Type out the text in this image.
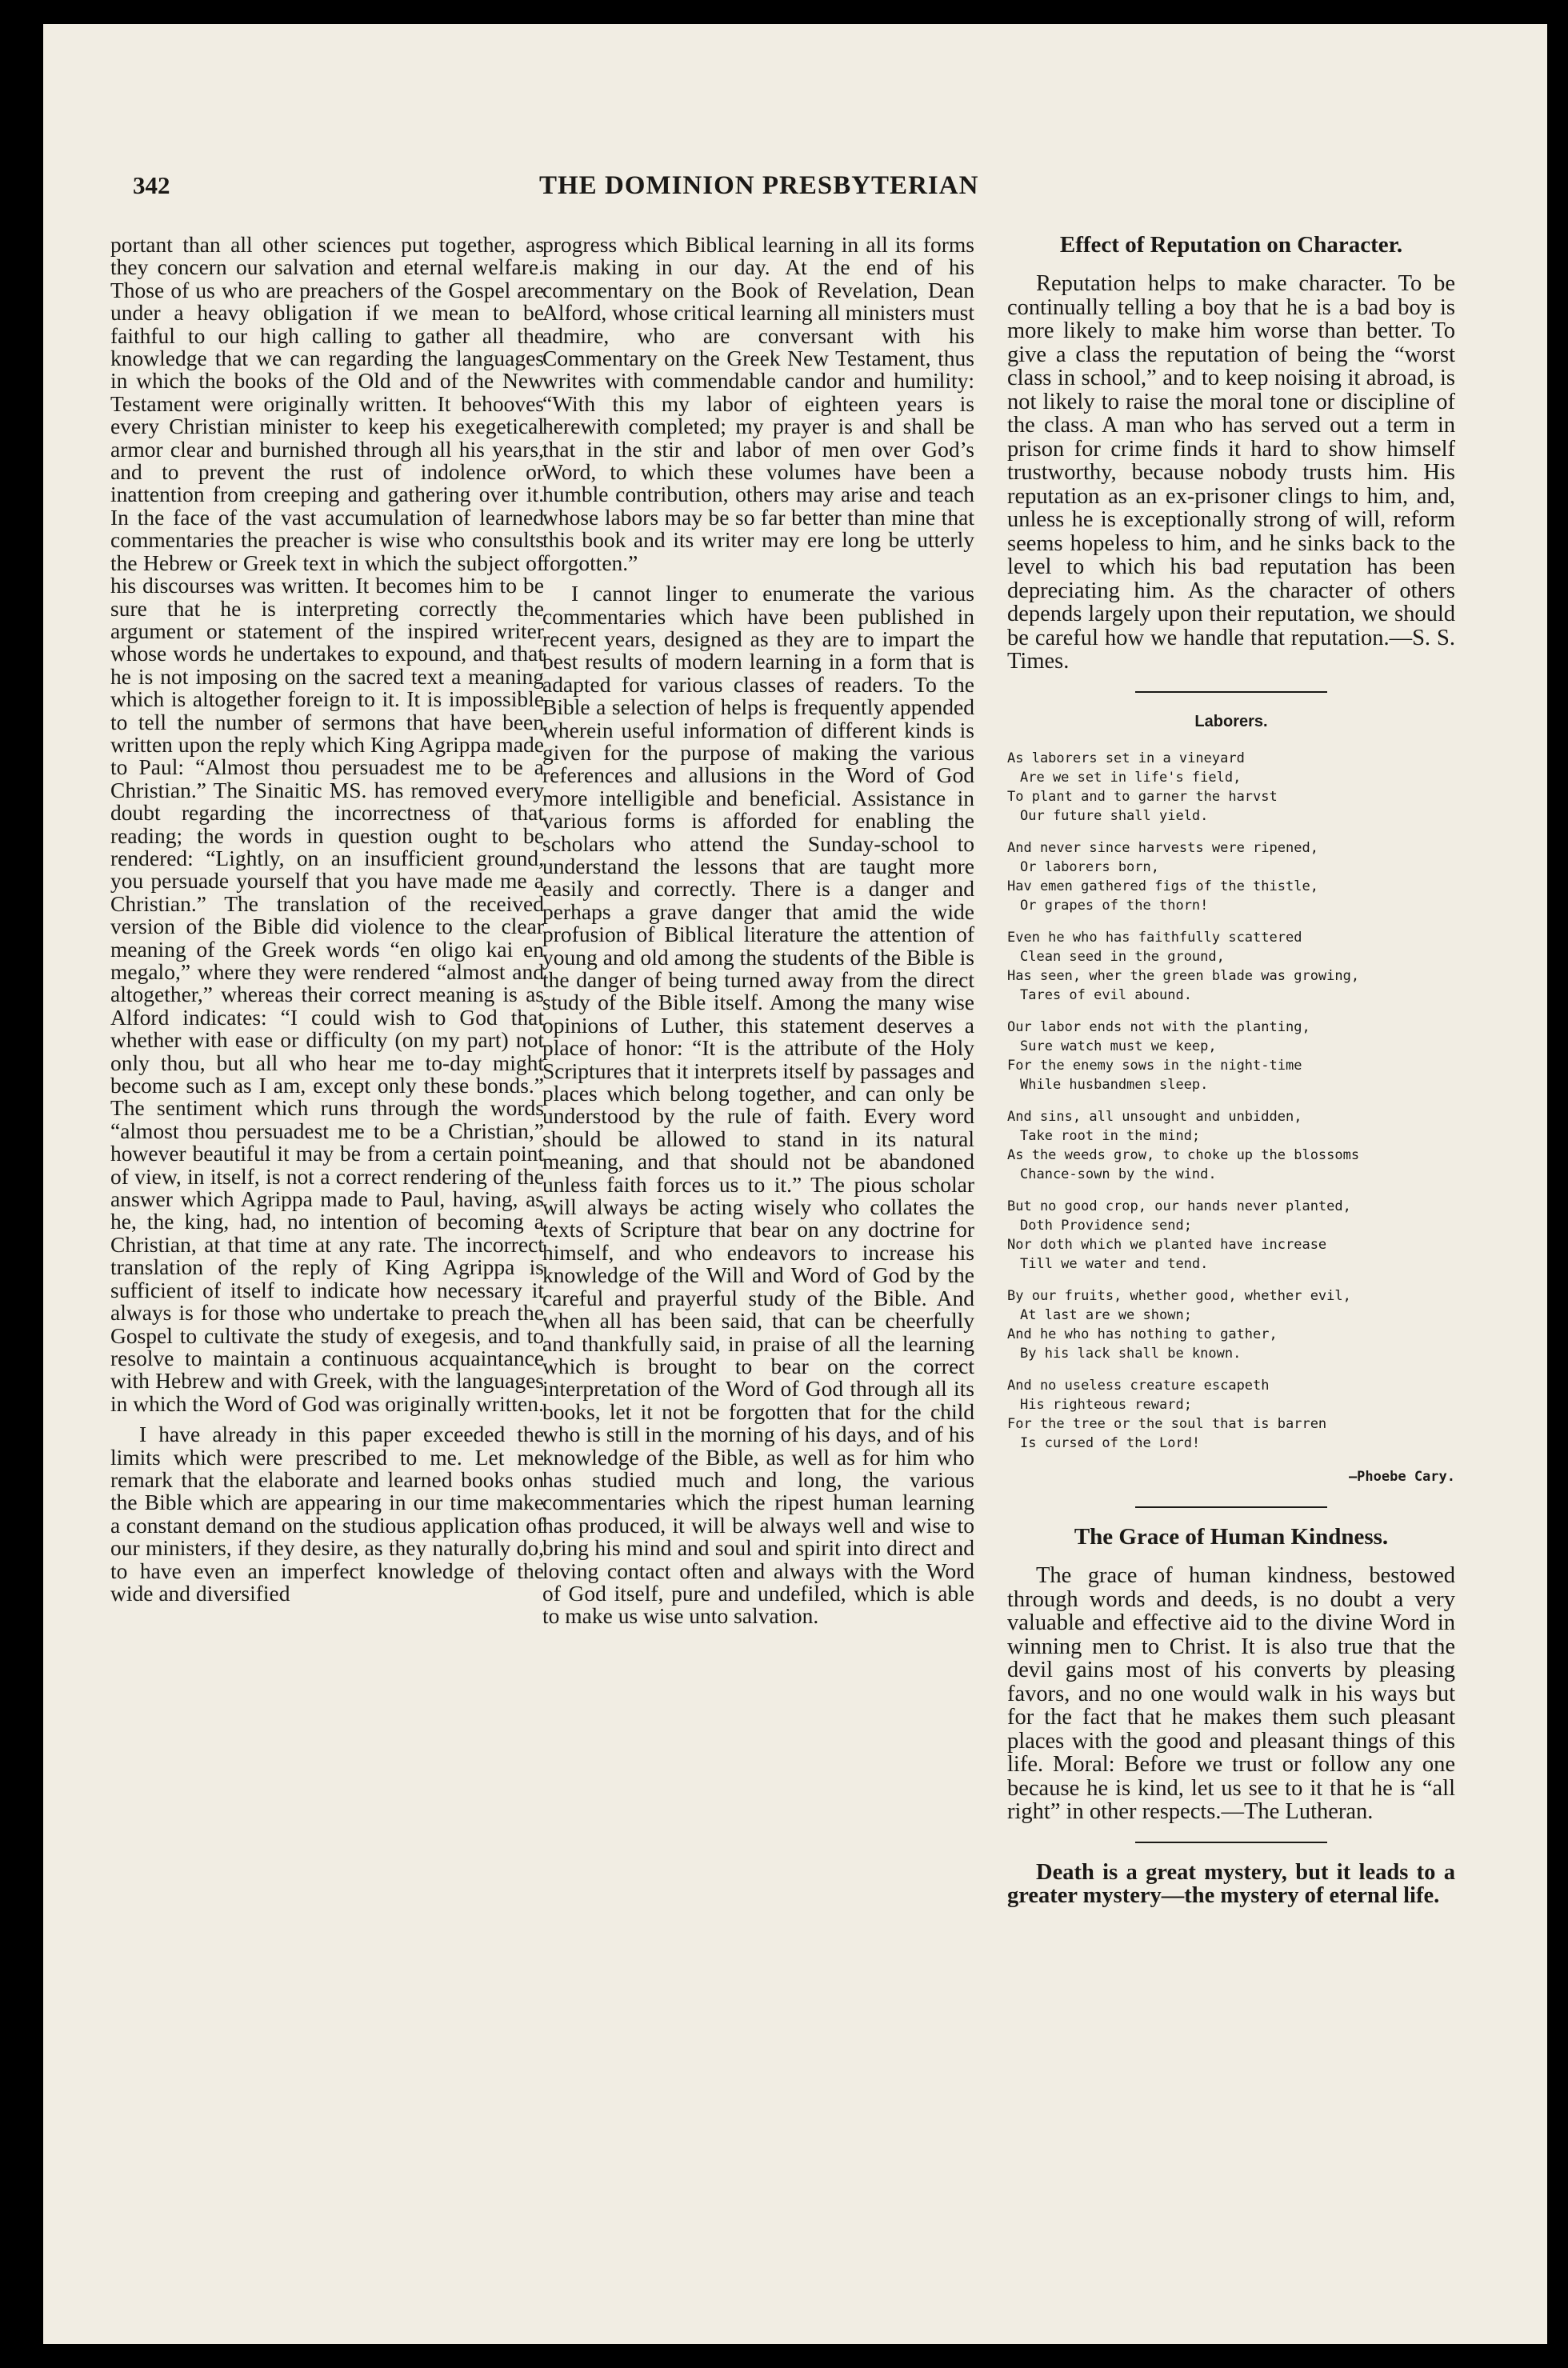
342	THE DOMINION PRESBYTERIAN

portant than all other sciences put together, as they concern our salvation and eternal welfare. Those of us who are preachers of the Gospel are under a heavy obligation if we mean to be faithful to our high calling to gather all the knowledge that we can regarding the languages in which the books of the Old and of the New Testament were originally written. It behooves every Christian minister to keep his exegetical armor clear and burnished through all his years, and to prevent the rust of indolence or inattention from creeping and gathering over it. In the face of the vast accumulation of learned commentaries the preacher is wise who consults the Hebrew or Greek text in which the subject of his discourses was written. It becomes him to be sure that he is interpreting correctly the argument or statement of the inspired writer whose words he undertakes to expound, and that he is not imposing on the sacred text a meaning which is altogether foreign to it. It is impossible to tell the number of sermons that have been written upon the reply which King Agrippa made to Paul: “Almost thou persuadest me to be a Christian.” The Sinaitic MS. has removed every doubt regarding the incorrectness of that reading; the words in question ought to be rendered: “Lightly, on an insufficient ground, you persuade yourself that you have made me a Christian.” The translation of the received version of the Bible did violence to the clear meaning of the Greek words “en oligo kai en megalo,” where they were rendered “almost and altogether,” whereas their correct meaning is as Alford indicates: “I could wish to God that whether with ease or difficulty (on my part) not only thou, but all who hear me to-day might become such as I am, except only these bonds.” The sentiment which runs through the words “almost thou persuadest me to be a Christian,” however beautiful it may be from a certain point of view, in itself, is not a correct rendering of the answer which Agrippa made to Paul, having, as he, the king, had, no intention of becoming a Christian, at that time at any rate. The incorrect translation of the reply of King Agrippa is sufficient of itself to indicate how necessary it always is for those who undertake to preach the Gospel to cultivate the study of exegesis, and to resolve to maintain a continuous acquaintance with Hebrew and with Greek, with the languages in which the Word of God was originally written.

I have already in this paper exceeded the limits which were prescribed to me. Let me remark that the elaborate and learned books on the Bible which are appearing in our time make a constant demand on the studious application of our ministers, if they desire, as they naturally do, to have even an imperfect knowledge of the wide and diversified

progress which Biblical learning in all its forms is making in our day. At the end of his commentary on the Book of Revelation, Dean Alford, whose critical learning all ministers must admire, who are conversant with his Commentary on the Greek New Testament, thus writes with commendable candor and humility: “With this my labor of eighteen years is herewith completed; my prayer is and shall be that in the stir and labor of men over God’s Word, to which these volumes have been a humble contribution, others may arise and teach whose labors may be so far better than mine that this book and its writer may ere long be utterly forgotten.”

I cannot linger to enumerate the various commentaries which have been published in recent years, designed as they are to impart the best results of modern learning in a form that is adapted for various classes of readers. To the Bible a selection of helps is frequently appended wherein useful information of different kinds is given for the purpose of making the various references and allusions in the Word of God more intelligible and beneficial. Assistance in various forms is afforded for enabling the scholars who attend the Sunday-school to understand the lessons that are taught more easily and correctly. There is a danger and perhaps a grave danger that amid the wide profusion of Biblical literature the attention of young and old among the students of the Bible is the danger of being turned away from the direct study of the Bible itself. Among the many wise opinions of Luther, this statement deserves a place of honor: “It is the attribute of the Holy Scriptures that it interprets itself by passages and places which belong together, and can only be understood by the rule of faith. Every word should be allowed to stand in its natural meaning, and that should not be abandoned unless faith forces us to it.” The pious scholar will always be acting wisely who collates the texts of Scripture that bear on any doctrine for himself, and who endeavors to increase his knowledge of the Will and Word of God by the careful and prayerful study of the Bible. And when all has been said, that can be cheerfully and thankfully said, in praise of all the learning which is brought to bear on the correct interpretation of the Word of God through all its books, let it not be forgotten that for the child who is still in the morning of his days, and of his knowledge of the Bible, as well as for him who has studied much and long, the various commentaries which the ripest human learning has produced, it will be always well and wise to bring his mind and soul and spirit into direct and loving contact often and always with the Word of God itself, pure and undefiled, which is able to make us wise unto salvation.

Effect of Reputation on Character.

Reputation helps to make character. To be continually telling a boy that he is a bad boy is more likely to make him worse than better. To give a class the reputation of being the “worst class in school,” and to keep noising it abroad, is not likely to raise the moral tone or discipline of the class. A man who has served out a term in prison for crime finds it hard to show himself trustworthy, because nobody trusts him. His reputation as an ex-prisoner clings to him, and, unless he is exceptionally strong of will, reform seems hopeless to him, and he sinks back to the level to which his bad reputation has been depreciating him. As the character of others depends largely upon their reputation, we should be careful how we handle that reputation.—S. S. Times.

Laborers.
As laborers set in a vineyard
Are we set in life's field,
To plant and to garner the harvst
Our future shall yield.
And never since harvests were ripened,
Or laborers born,
Hav emen gathered figs of the thistle,
Or grapes of the thorn!
Even he who has faithfully scattered
Clean seed in the ground,
Has seen, wher the green blade was growing,
Tares of evil abound.
Our labor ends not with the planting,
Sure watch must we keep,
For the enemy sows in the night-time
While husbandmen sleep.
And sins, all unsought and unbidden,
Take root in the mind;
As the weeds grow, to choke up the blossoms
Chance-sown by the wind.
But no good crop, our hands never planted,
Doth Providence send;
Nor doth which we planted have increase
Till we water and tend.
By our fruits, whether good, whether evil,
At last are we shown;
And he who has nothing to gather,
By his lack shall be known.
And no useless creature escapeth
His righteous reward;
For the tree or the soul that is barren
Is cursed of the Lord!
—Phoebe Cary.
The Grace of Human Kindness.

The grace of human kindness, bestowed through words and deeds, is no doubt a very valuable and effective aid to the divine Word in winning men to Christ. It is also true that the devil gains most of his converts by pleasing favors, and no one would walk in his ways but for the fact that he makes them such pleasant places with the good and pleasant things of this life. Moral: Before we trust or follow any one because he is kind, let us see to it that he is “all right” in other respects.—The Lutheran.

Death is a great mystery, but it leads to a greater mystery—the mystery of eternal life.
